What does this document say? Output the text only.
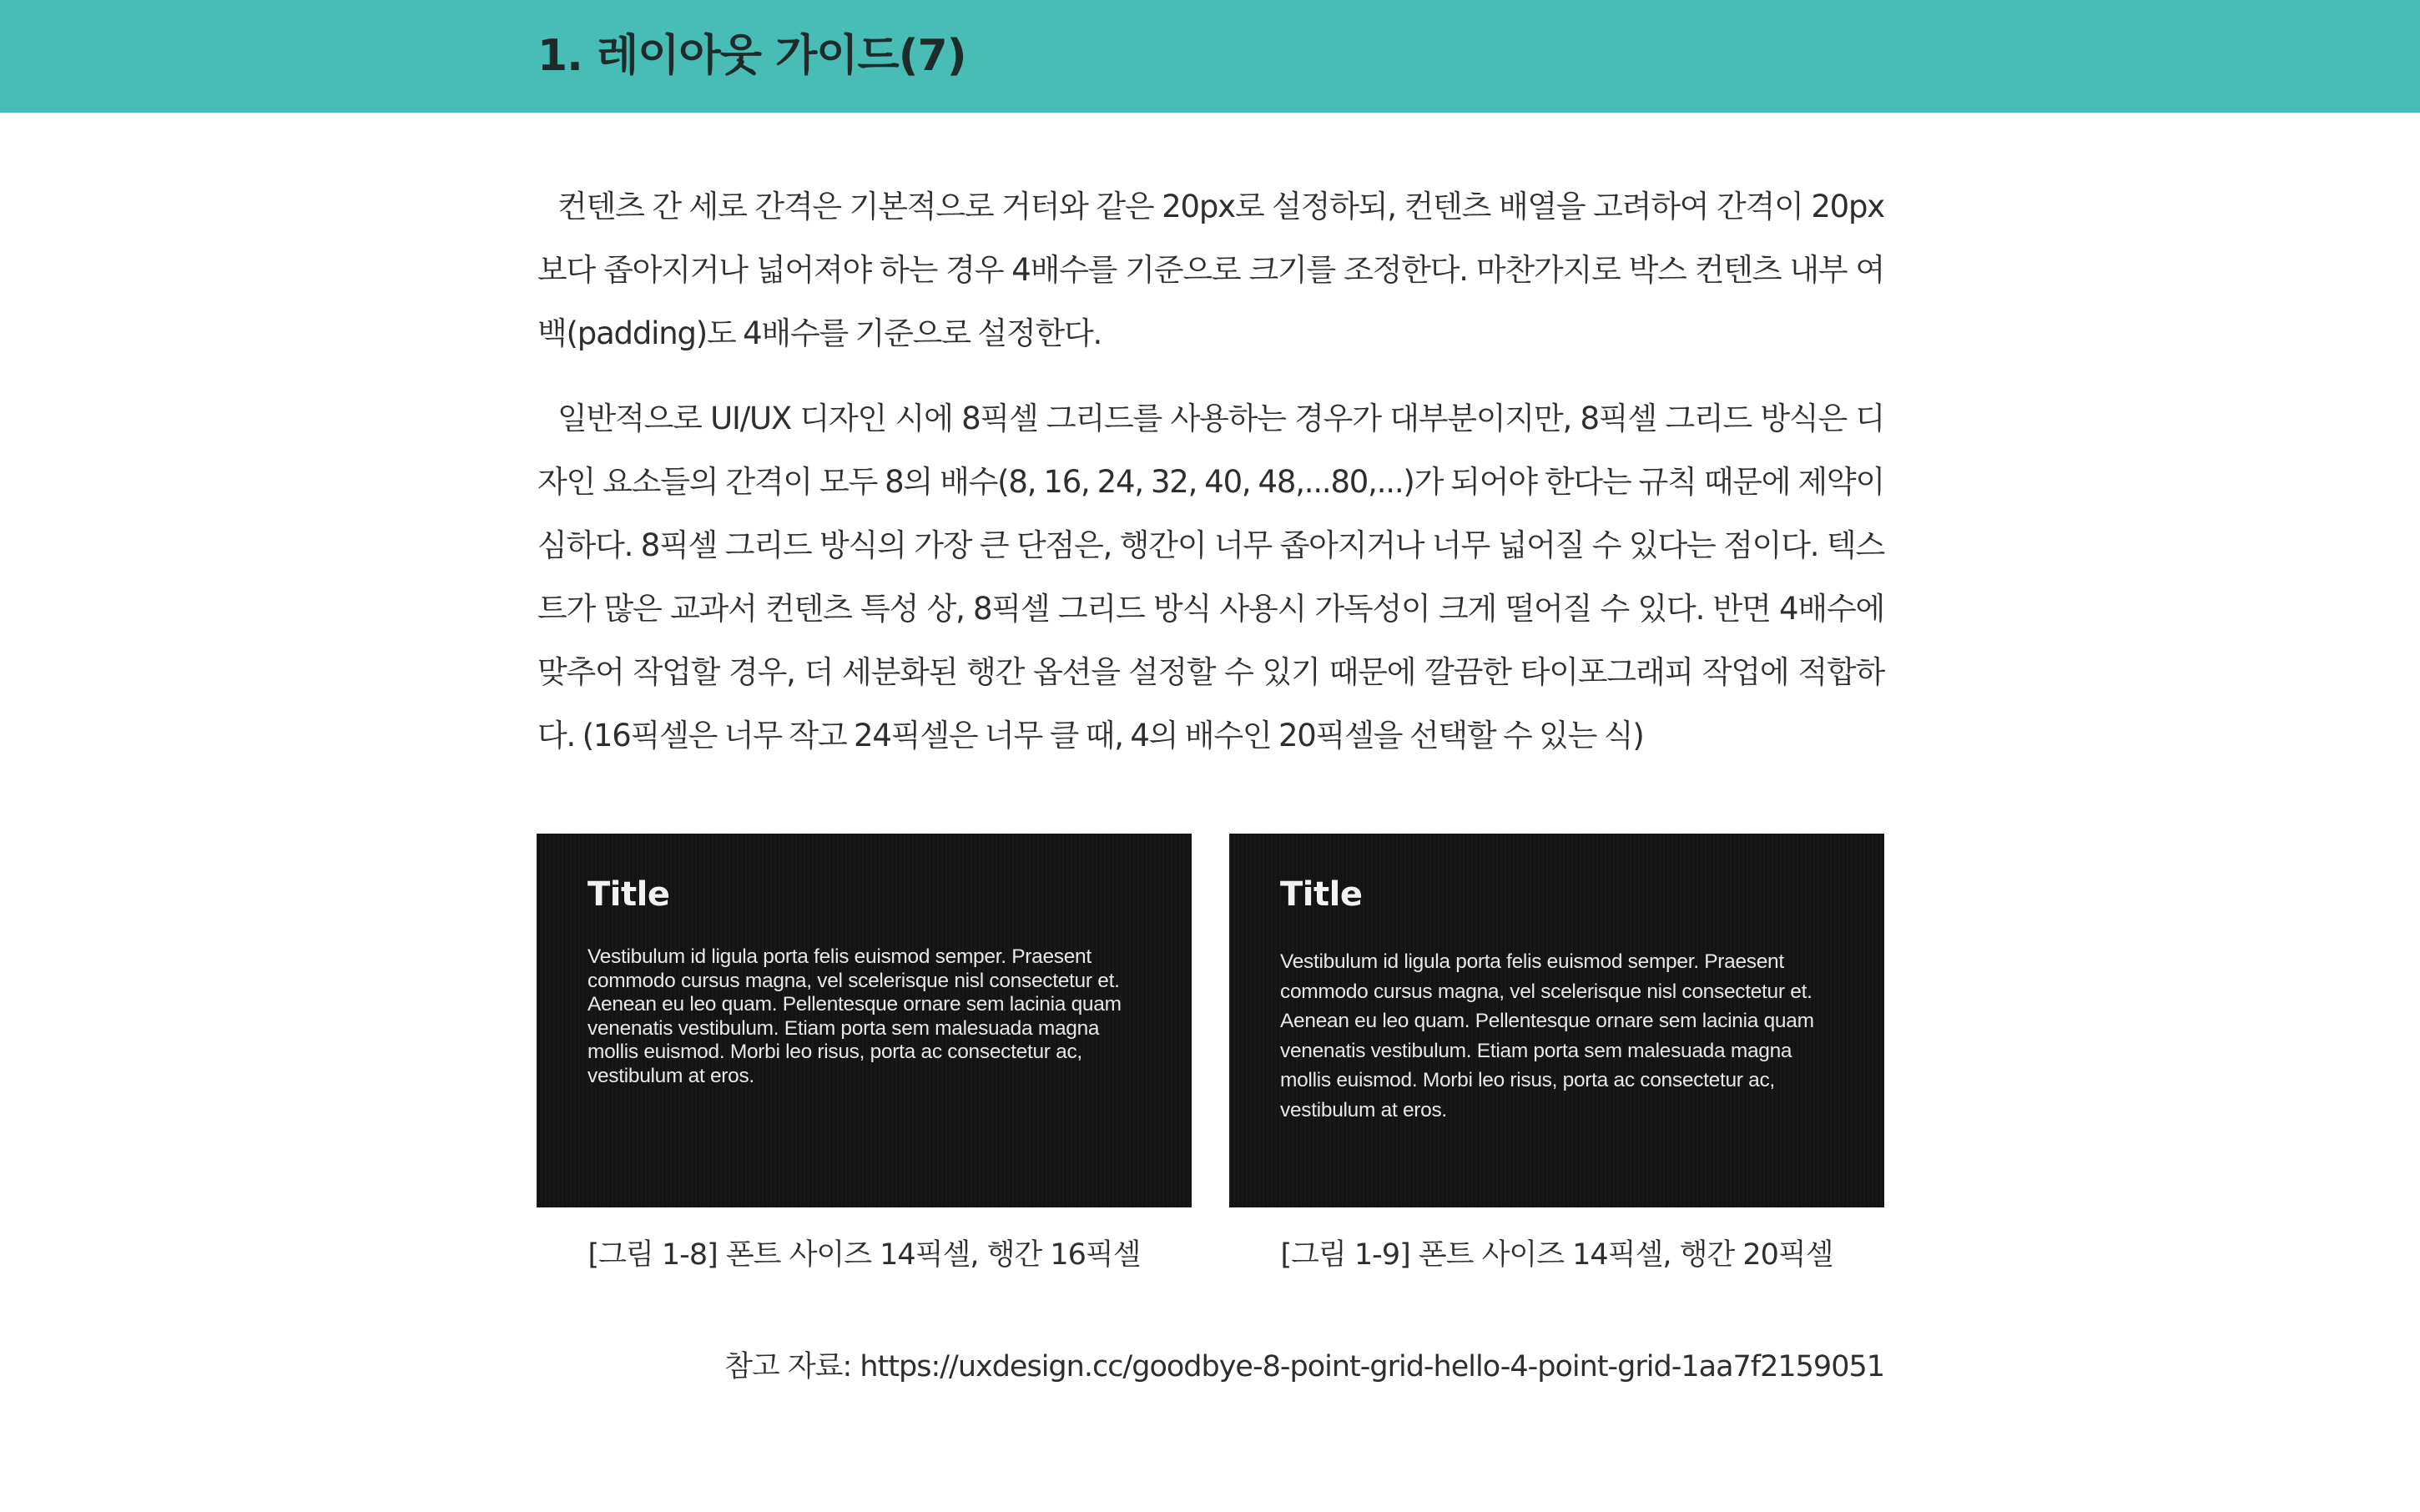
1. 레이아웃 가이드(7)

컨텐츠 간 세로 간격은 기본적으로 거터와 같은 20px로 설정하되, 컨텐츠 배열을 고려하여 간격이 20px보다 좁아지거나 넓어져야 하는 경우 4배수를 기준으로 크기를 조정한다. 마찬가지로 박스 컨텐츠 내부 여백(padding)도 4배수를 기준으로 설정한다.

일반적으로 UI/UX 디자인 시에 8픽셀 그리드를 사용하는 경우가 대부분이지만, 8픽셀 그리드 방식은 디자인 요소들의 간격이 모두 8의 배수(8, 16, 24, 32, 40, 48,...80,...)가 되어야 한다는 규칙 때문에 제약이 심하다. 8픽셀 그리드 방식의 가장 큰 단점은, 행간이 너무 좁아지거나 너무 넓어질 수 있다는 점이다. 텍스트가 많은 교과서 컨텐츠 특성 상, 8픽셀 그리드 방식 사용시 가독성이 크게 떨어질 수 있다. 반면 4배수에 맞추어 작업할 경우, 더 세분화된 행간 옵션을 설정할 수 있기 때문에 깔끔한 타이포그래피 작업에 적합하다. (16픽셀은 너무 작고 24픽셀은 너무 클 때, 4의 배수인 20픽셀을 선택할 수 있는 식)

Title

Vestibulum id ligula porta felis euismod semper. Praesent commodo cursus magna, vel scelerisque nisl consectetur et. Aenean eu leo quam. Pellentesque ornare sem lacinia quam venenatis vestibulum. Etiam porta sem malesuada magna mollis euismod. Morbi leo risus, porta ac consectetur ac, vestibulum at eros.

[그림 1-8] 폰트 사이즈 14픽셀, 행간 16픽셀
Title

Vestibulum id ligula porta felis euismod semper. Praesent commodo cursus magna, vel scelerisque nisl consectetur et. Aenean eu leo quam. Pellentesque ornare sem lacinia quam venenatis vestibulum. Etiam porta sem malesuada magna mollis euismod. Morbi leo risus, porta ac consectetur ac, vestibulum at eros.

[그림 1-9] 폰트 사이즈 14픽셀, 행간 20픽셀
참고 자료: https://uxdesign.cc/goodbye-8-point-grid-hello-4-point-grid-1aa7f2159051
